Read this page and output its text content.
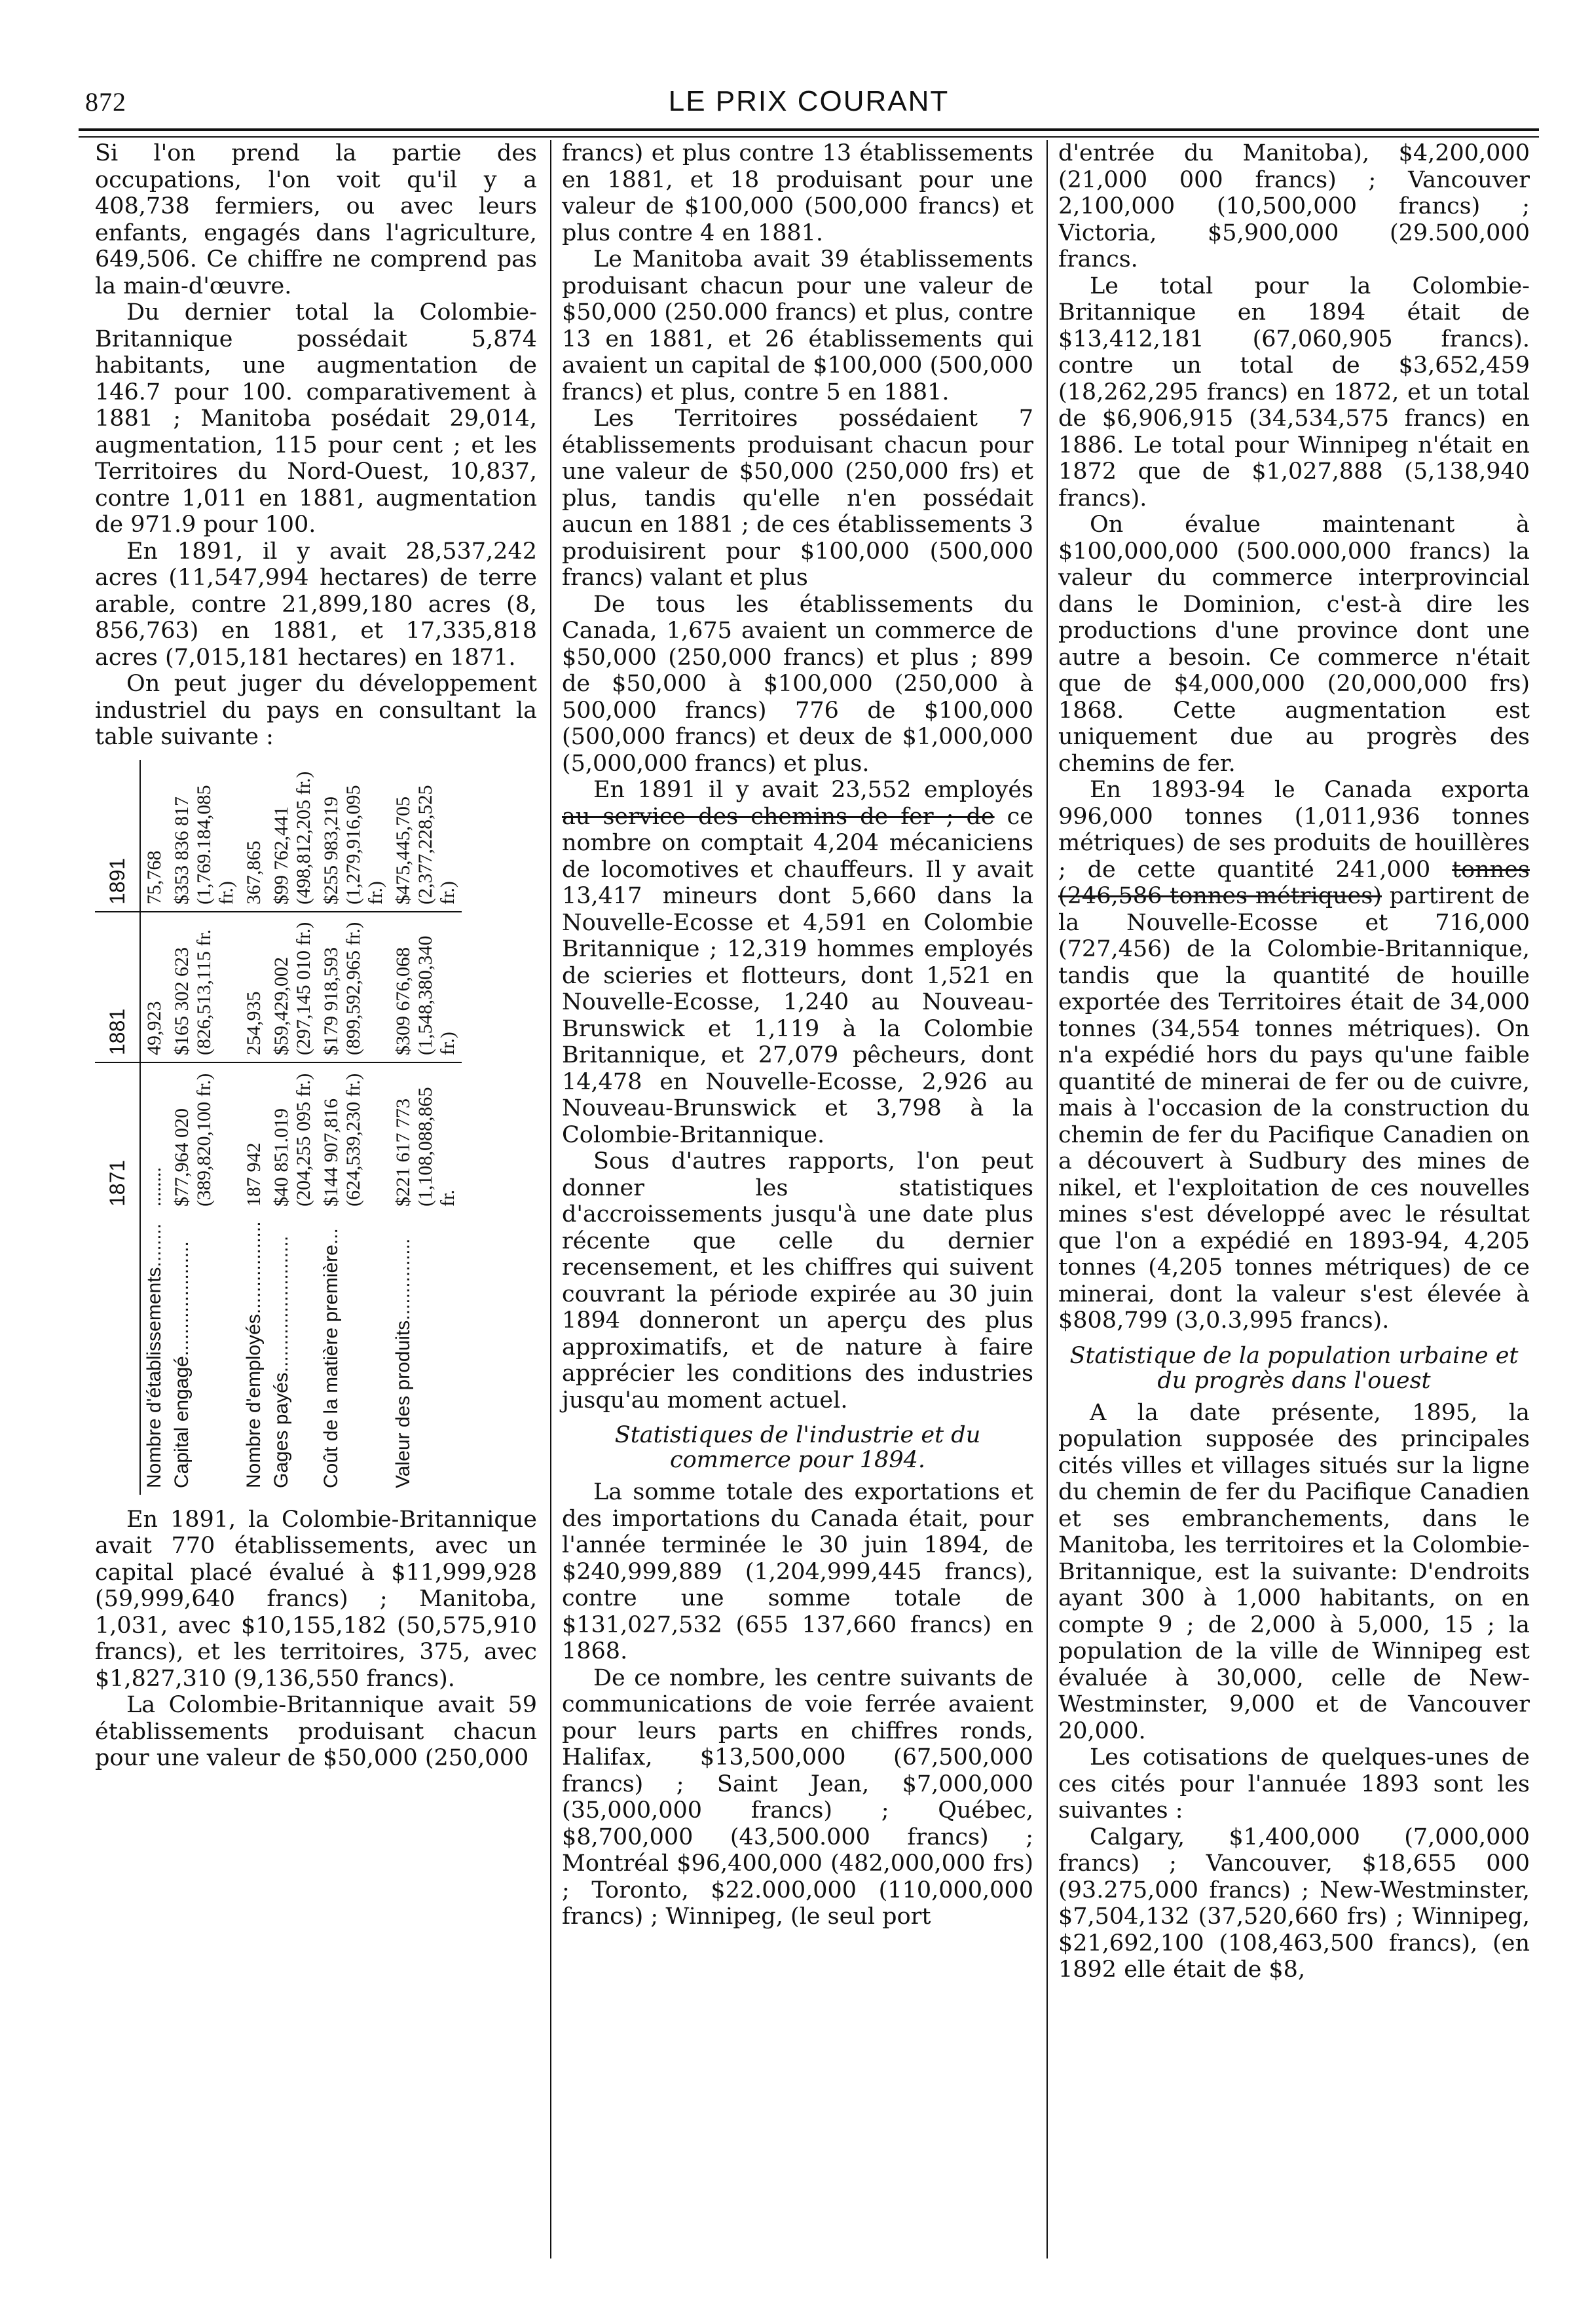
872	LE PRIX COURANT

Si l'on prend la partie des occupations, l'on voit qu'il y a 408,738 fermiers, ou avec leurs enfants, engagés dans l'agriculture, 649,506. Ce chiffre ne comprend pas la main-d'œuvre.

Du dernier total la Colombie-Britannique possédait 5,874 habitants, une augmentation de 146.7 pour 100. comparativement à 1881 ; Manitoba posédait 29,014, augmentation, 115 pour cent ; et les Territoires du Nord-Ouest, 10,837, contre 1,011 en 1881, augmentation de 971.9 pour 100.

En 1891, il y avait 28,537,242 acres (11,547,994 hectares) de terre arable, contre 21,899,180 acres (8, 856,763) en 1881, et 17,335,818 acres (7,015,181 hectares) en 1871.

On peut juger du développement industriel du pays en consultant la table suivante :

	1871	1881	1891
Nombre d'établissements........	........	49,923	75,768

Capital engagé.....................	$77,964 020 (389,820,100 fr.)	$165 302 623 (826,513,115 fr.	$353 836 817 (1,769.184,085 fr.)

Nombre d'employés.................	187 942	254,935	367,865

Gages payés.........................	$40 851.019 (204,255 095 fr.)	$59,429,002 (297,145 010 fr.)	$99 762,441 (498,812,205 fr.)

Coût de la matière première...	$144 907,816 (624,539,230 fr.)	$179 918,593 (899,592,965 fr.)	$255 983,219 (1,279,916,095 fr.)

Valeur des produits...............	$221 617 773 (1,108,088,865 fr.	$309 676,068 (1,548,380,340 fr.)	$475,445,705 (2,377,228,525 fr.)

En 1891, la Colombie-Britannique avait 770 établissements, avec un capital placé évalué à $11,999,928 (59,999,640 francs) ; Manitoba, 1,031, avec $10,155,182 (50,575,910 francs), et les territoires, 375, avec $1,827,310 (9,136,550 francs).

La Colombie-Britannique avait 59 établissements produisant chacun pour une valeur de $50,000 (250,000

francs) et plus contre 13 établissements en 1881, et 18 produisant pour une valeur de $100,000 (500,000 francs) et plus contre 4 en 1881.

Le Manitoba avait 39 établissements produisant chacun pour une valeur de $50,000 (250.000 francs) et plus, contre 13 en 1881, et 26 établissements qui avaient un capital de $100,000 (500,000 francs) et plus, contre 5 en 1881.

Les Territoires possédaient 7 établissements produisant chacun pour une valeur de $50,000 (250,000 frs) et plus, tandis qu'elle n'en possédait aucun en 1881 ; de ces établissements 3 produisirent pour $100,000 (500,000 francs) valant et plus

De tous les établissements du Canada, 1,675 avaient un commerce de $50,000 (250,000 francs) et plus ; 899 de $50,000 à $100,000 (250,000 à 500,000 francs) 776 de $100,000 (500,000 francs) et deux de $1,000,000 (5,000,000 francs) et plus.

En 1891 il y avait 23,552 employés au service des chemins de fer ; de ce nombre on comptait 4,204 mécaniciens de locomotives et chauffeurs. Il y avait 13,417 mineurs dont 5,660 dans la Nouvelle-Ecosse et 4,591 en Colombie Britannique ; 12,319 hommes employés de scieries et flotteurs, dont 1,521 en Nouvelle-Ecosse, 1,240 au Nouveau-Brunswick et 1,119 à la Colombie Britannique, et 27,079 pêcheurs, dont 14,478 en Nouvelle-Ecosse, 2,926 au Nouveau-Brunswick et 3,798 à la Colombie-Britannique.

Sous d'autres rapports, l'on peut donner les statistiques d'accroissements jusqu'à une date plus récente que celle du dernier recensement, et les chiffres qui suivent couvrant la période expirée au 30 juin 1894 donneront un aperçu des plus approximatifs, et de nature à faire apprécier les conditions des industries jusqu'au moment actuel.

Statistiques de l'industrie et du commerce pour 1894.

La somme totale des exportations et des importations du Canada était, pour l'année terminée le 30 juin 1894, de $240,999,889 (1,204,999,445 francs), contre une somme totale de $131,027,532 (655 137,660 francs) en 1868.

De ce nombre, les centre suivants de communications de voie ferrée avaient pour leurs parts en chiffres ronds, Halifax, $13,500,000 (67,500,000 francs) ; Saint Jean, $7,000,000 (35,000,000 francs) ; Québec, $8,700,000 (43,500.000 francs) ; Montréal $96,400,000 (482,000,000 frs) ; Toronto, $22.000,000 (110,000,000 francs) ; Winnipeg, (le seul port

d'entrée du Manitoba), $4,200,000 (21,000 000 francs) ; Vancouver 2,100,000 (10,500,000 francs) ; Victoria, $5,900,000 (29.500,000 francs.

Le total pour la Colombie-Britannique en 1894 était de $13,412,181 (67,060,905 francs). contre un total de $3,652,459 (18,262,295 francs) en 1872, et un total de $6,906,915 (34,534,575 francs) en 1886. Le total pour Winnipeg n'était en 1872 que de $1,027,888 (5,138,940 francs).

On évalue maintenant à $100,000,000 (500.000,000 francs) la valeur du commerce interprovincial dans le Dominion, c'est-à dire les productions d'une province dont une autre a besoin. Ce commerce n'était que de $4,000,000 (20,000,000 frs) 1868. Cette augmentation est uniquement due au progrès des chemins de fer.

En 1893-94 le Canada exporta 996,000 tonnes (1,011,936 tonnes métriques) de ses produits de houillères ; de cette quantité 241,000 tonnes (246,586 tonnes métriques) partirent de la Nouvelle-Ecosse et 716,000 (727,456) de la Colombie-Britannique, tandis que la quantité de houille exportée des Territoires était de 34,000 tonnes (34,554 tonnes métriques). On n'a expédié hors du pays qu'une faible quantité de minerai de fer ou de cuivre, mais à l'occasion de la construction du chemin de fer du Pacifique Canadien on a découvert à Sudbury des mines de nikel, et l'exploitation de ces nouvelles mines s'est développé avec le résultat que l'on a expédié en 1893-94, 4,205 tonnes (4,205 tonnes métriques) de ce minerai, dont la valeur s'est élevée à $808,799 (3,0.3,995 francs).

Statistique de la population urbaine et du progrès dans l'ouest

A la date présente, 1895, la population supposée des principales cités villes et villages situés sur la ligne du chemin de fer du Pacifique Canadien et ses embranchements, dans le Manitoba, les territoires et la Colombie-Britannique, est la suivante: D'endroits ayant 300 à 1,000 habitants, on en compte 9 ; de 2,000 à 5,000, 15 ; la population de la ville de Winnipeg est évaluée à 30,000, celle de New-Westminster, 9,000 et de Vancouver 20,000.

Les cotisations de quelques-unes de ces cités pour l'annuée 1893 sont les suivantes :

Calgary, $1,400,000 (7,000,000 francs) ; Vancouver, $18,655 000 (93.275,000 francs) ; New-Westminster, $7,504,132 (37,520,660 frs) ; Winnipeg, $21,692,100 (108,463,500 francs), (en 1892 elle était de $8,
